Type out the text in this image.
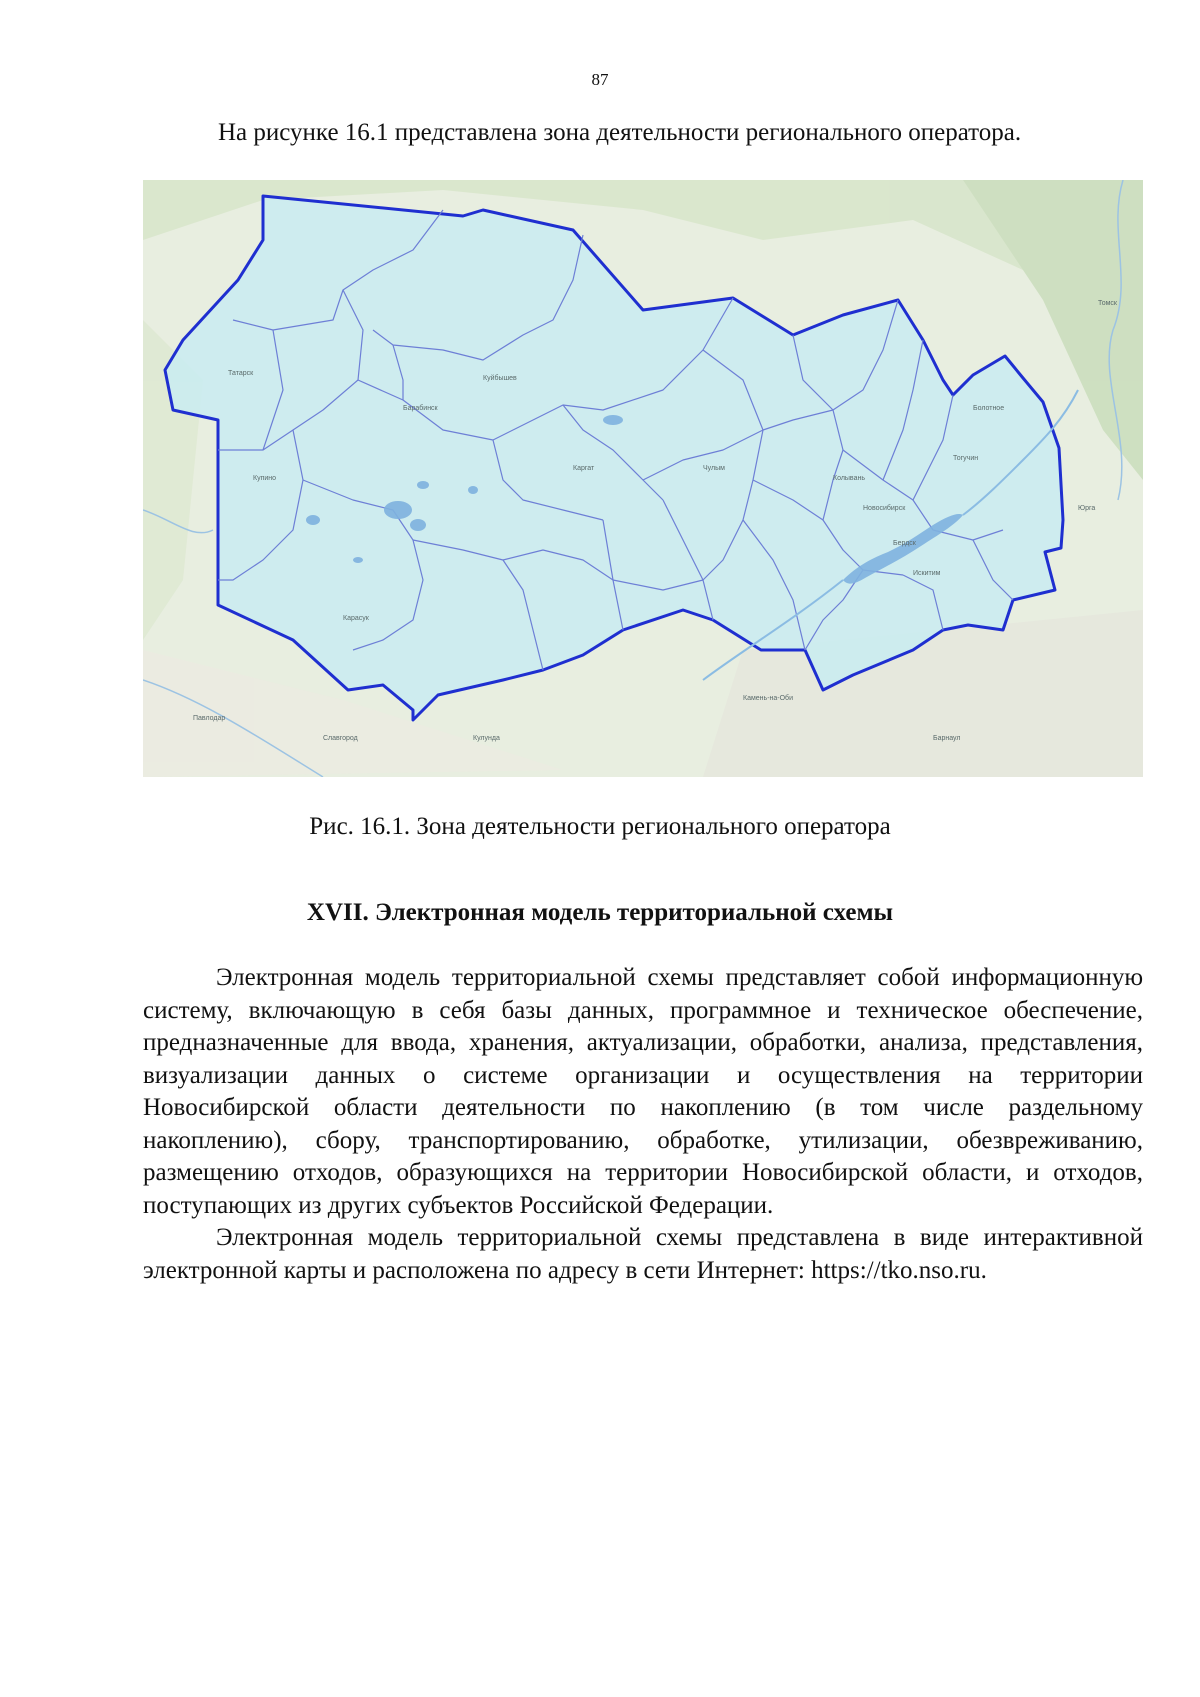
87
На рисунке 16.1 представлена зона деятельности регионального оператора.
Томск
Юрга
Барнаул
Павлодар
Кулунда
Славгород
Камень-на-Оби
Колывань
Новосибирск
Бердск
Искитим
Карасук
Купино
Татарск
Барабинск
Куйбышев
Каргат	Чулым
Тогучин
Болотное
Рис. 16.1. Зона деятельности регионального оператора
XVII. Электронная модель территориальной схемы

Электронная модель территориальной схемы представляет собой информационную систему, включающую в себя базы данных, программное и техническое обеспечение, предназначенные для ввода, хранения, актуализации, обработки, анализа, представления, визуализации данных о системе организации и осуществления на территории Новосибирской области деятельности по накоплению (в том числе раздельному накоплению), сбору, транспортированию, обработке, утилизации, обезвреживанию, размещению отходов, образующихся на территории Новосибирской области, и отходов, поступающих из других субъектов Российской Федерации.

Электронная модель территориальной схемы представлена в виде интерактивной электронной карты и расположена по адресу в сети Интернет: https://tko.nso.ru.
